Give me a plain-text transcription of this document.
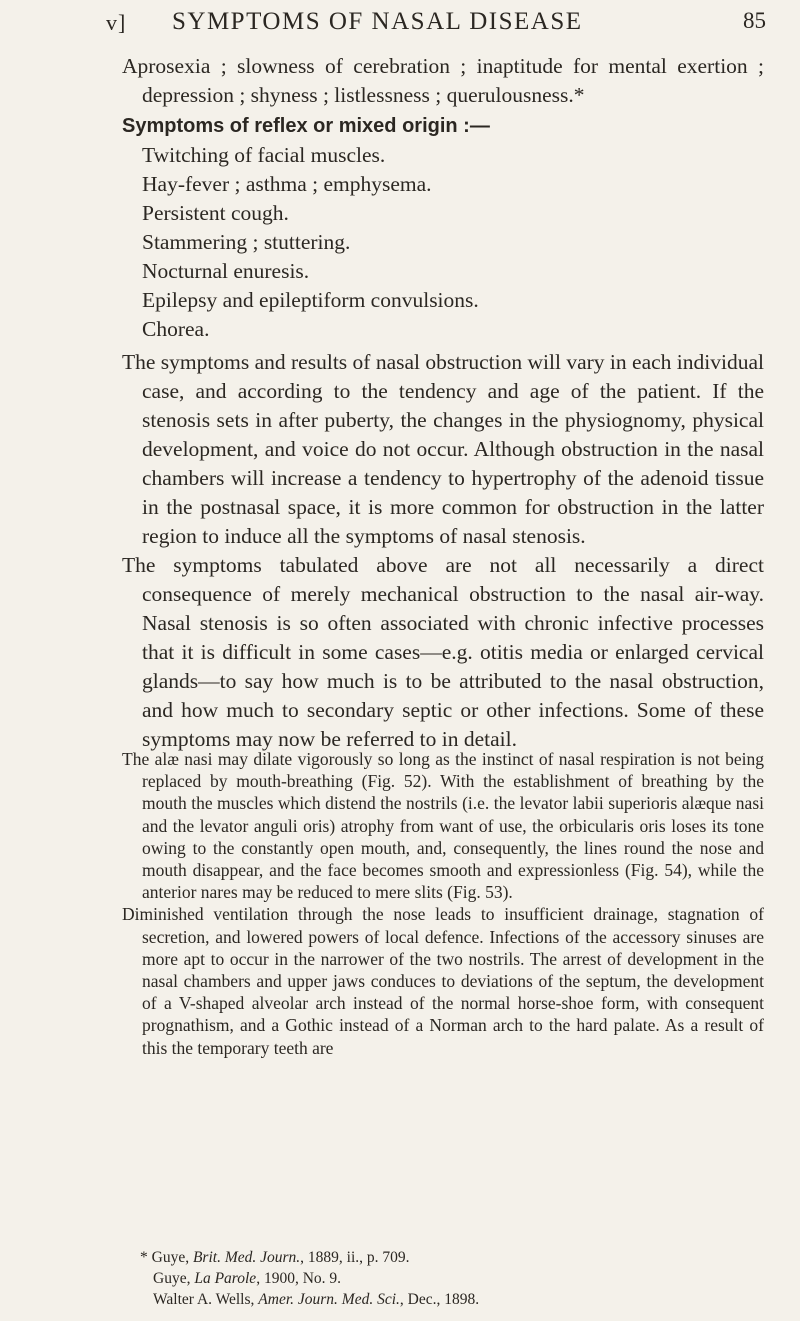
v] SYMPTOMS OF NASAL DISEASE	85

Aprosexia ; slowness of cerebration ; inaptitude for mental exertion ; depression ; shyness ; listlessness ; querulousness.*

Symptoms of reflex or mixed origin :—

Twitching of facial muscles.
Hay-fever ; asthma ; emphysema.
Persistent cough.
Stammering ; stuttering.
Nocturnal enuresis.
Epilepsy and epileptiform convulsions.
Chorea.

The symptoms and results of nasal obstruction will vary in each individual case, and according to the tendency and age of the patient. If the stenosis sets in after puberty, the changes in the physiognomy, physical development, and voice do not occur. Although obstruction in the nasal chambers will increase a tendency to hypertrophy of the adenoid tissue in the postnasal space, it is more common for obstruction in the latter region to induce all the symptoms of nasal stenosis.

The symptoms tabulated above are not all necessarily a direct consequence of merely mechanical obstruction to the nasal air-way. Nasal stenosis is so often associated with chronic infective processes that it is difficult in some cases—e.g. otitis media or enlarged cervical glands—to say how much is to be attributed to the nasal obstruction, and how much to secondary septic or other infections. Some of these symptoms may now be referred to in detail.

The alæ nasi may dilate vigorously so long as the instinct of nasal respiration is not being replaced by mouth-breathing (Fig. 52). With the establishment of breathing by the mouth the muscles which distend the nostrils (i.e. the levator labii superioris alæque nasi and the levator anguli oris) atrophy from want of use, the orbicularis oris loses its tone owing to the constantly open mouth, and, consequently, the lines round the nose and mouth disappear, and the face becomes smooth and expressionless (Fig. 54), while the anterior nares may be reduced to mere slits (Fig. 53).

Diminished ventilation through the nose leads to insufficient drainage, stagnation of secretion, and lowered powers of local defence. Infections of the accessory sinuses are more apt to occur in the narrower of the two nostrils. The arrest of development in the nasal chambers and upper jaws conduces to deviations of the septum, the development of a V-shaped alveolar arch instead of the normal horse-shoe form, with consequent prognathism, and a Gothic instead of a Norman arch to the hard palate. As a result of this the temporary teeth are

* Guye, Brit. Med. Journ., 1889, ii., p. 709.
Guye, La Parole, 1900, No. 9.
Walter A. Wells, Amer. Journ. Med. Sci., Dec., 1898.
